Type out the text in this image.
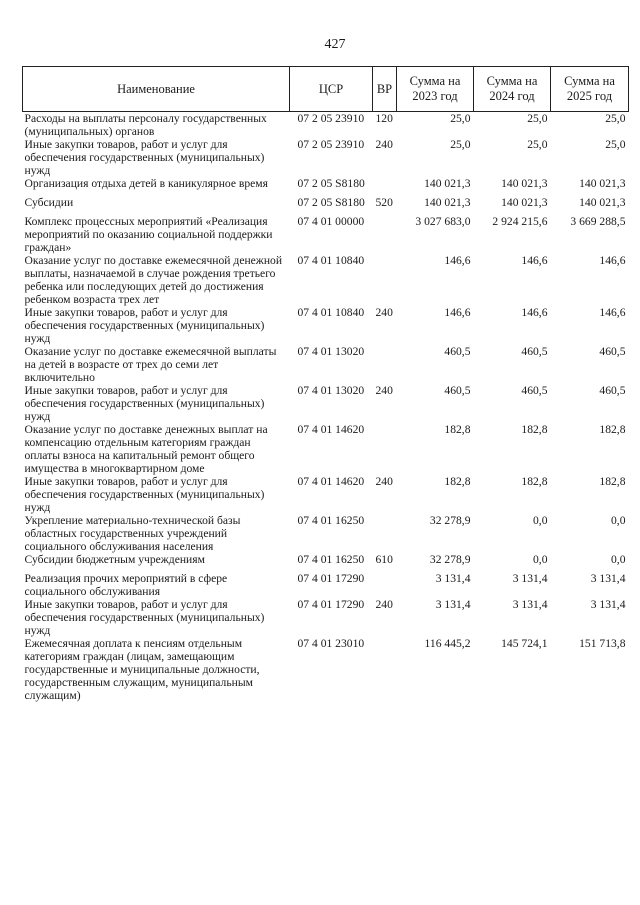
427
Наименование	ЦСР	ВР	Сумма на 2023 год	Сумма на 2024 год	Сумма на 2025 год
Расходы на выплаты персоналу государственных (муниципальных) органов	07 2 05 23910	120	25,0	25,0	25,0
Иные закупки товаров, работ и услуг для обеспечения государственных (муниципальных) нужд	07 2 05 23910	240	25,0	25,0	25,0
Организация отдыха детей в каникулярное время	07 2 05 S8180		140 021,3	140 021,3	140 021,3
Субсидии	07 2 05 S8180	520	140 021,3	140 021,3	140 021,3
Комплекс процессных мероприятий «Реализация мероприятий по оказанию социальной поддержки граждан»	07 4 01 00000		3 027 683,0	2 924 215,6	3 669 288,5
Оказание услуг по доставке ежемесячной денежной выплаты, назначаемой в случае рождения третьего ребенка или последующих детей до достижения ребенком возраста трех лет	07 4 01 10840		146,6	146,6	146,6
Иные закупки товаров, работ и услуг для обеспечения государственных (муниципальных) нужд	07 4 01 10840	240	146,6	146,6	146,6
Оказание услуг по доставке ежемесячной выплаты на детей в возрасте от трех до семи лет включительно	07 4 01 13020		460,5	460,5	460,5
Иные закупки товаров, работ и услуг для обеспечения государственных (муниципальных) нужд	07 4 01 13020	240	460,5	460,5	460,5
Оказание услуг по доставке денежных выплат на компенсацию отдельным категориям граждан оплаты взноса на капитальный ремонт общего имущества в многоквартирном доме	07 4 01 14620		182,8	182,8	182,8
Иные закупки товаров, работ и услуг для обеспечения государственных (муниципальных) нужд	07 4 01 14620	240	182,8	182,8	182,8
Укрепление материально-технической базы областных государственных учреждений социального обслуживания населения	07 4 01 16250		32 278,9	0,0	0,0
Субсидии бюджетным учреждениям	07 4 01 16250	610	32 278,9	0,0	0,0
Реализация прочих мероприятий в сфере социального обслуживания	07 4 01 17290		3 131,4	3 131,4	3 131,4
Иные закупки товаров, работ и услуг для обеспечения государственных (муниципальных) нужд	07 4 01 17290	240	3 131,4	3 131,4	3 131,4
Ежемесячная доплата к пенсиям отдельным категориям граждан (лицам, замещающим государственные и муниципальные должности, государственным служащим, муниципальным служащим)	07 4 01 23010		116 445,2	145 724,1	151 713,8
